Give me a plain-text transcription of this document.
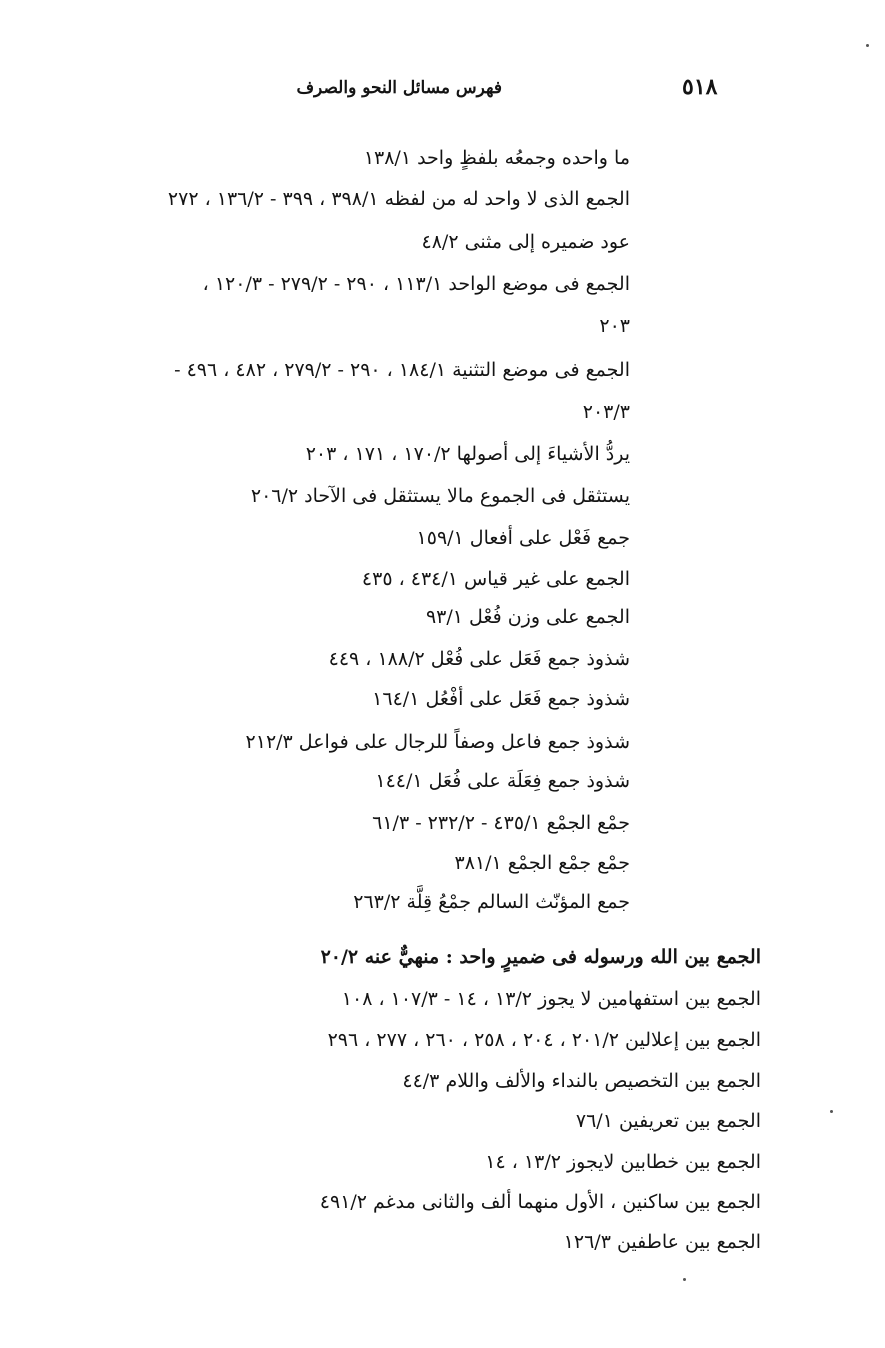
٥١٨
فهرس مسائل النحو والصرف
ما واحده وجمعُه بلفظٍ واحد ١٣٨/١
الجمع الذى لا واحد له من لفظه ٣٩٨/١ ، ٣٩٩ - ١٣٦/٢ ، ٢٧٢
عود ضميره إلى مثنى ٤٨/٢
الجمع فى موضع الواحد ١١٣/١ ، ٢٩٠ - ٢٧٩/٢ - ١٢٠/٣ ،
٢٠٣
الجمع فى موضع التثنية ١٨٤/١ ، ٢٩٠ - ٢٧٩/٢ ، ٤٨٢ ، ٤٩٦ -
٢٠٣/٣
يردُّ الأشياءَ إلى أصولها ١٧٠/٢ ، ١٧١ ، ٢٠٣
يستثقل فى الجموع مالا يستثقل فى الآحاد ٢٠٦/٢
جمع فَعْل على أفعال ١٥٩/١
الجمع على غير قياس ٤٣٤/١ ، ٤٣٥
الجمع على وزن فُعْل ٩٣/١
شذوذ جمع فَعَل على فُعْل ١٨٨/٢ ، ٤٤٩
شذوذ جمع فَعَل على أفْعُل ١٦٤/١
شذوذ جمع فاعل وصفاً للرجال على فواعل ٢١٢/٣
شذوذ جمع فِعَلَة على فُعَل ١٤٤/١
جمْع الجمْع ٤٣٥/١ - ٢٣٢/٢ - ٦١/٣
جمْع جمْع الجمْع ٣٨١/١
جمع المؤنّث السالم جمْعُ قِلَّة ٢٦٣/٢
الجمع بين الله ورسوله فى ضميرٍ واحد : منهيٌّ عنه ٢٠/٢
الجمع بين استفهامين لا يجوز ١٣/٢ ، ١٤ - ١٠٧/٣ ، ١٠٨
الجمع بين إعلالين ٢٠١/٢ ، ٢٠٤ ، ٢٥٨ ، ٢٦٠ ، ٢٧٧ ، ٢٩٦
الجمع بين التخصيص بالنداء والألف واللام ٤٤/٣
الجمع بين تعريفين ٧٦/١
الجمع بين خطابين لايجوز ١٣/٢ ، ١٤
الجمع بين ساكنين ، الأول منهما ألف والثانى مدغم ٤٩١/٢
الجمع بين عاطفين ١٢٦/٣
